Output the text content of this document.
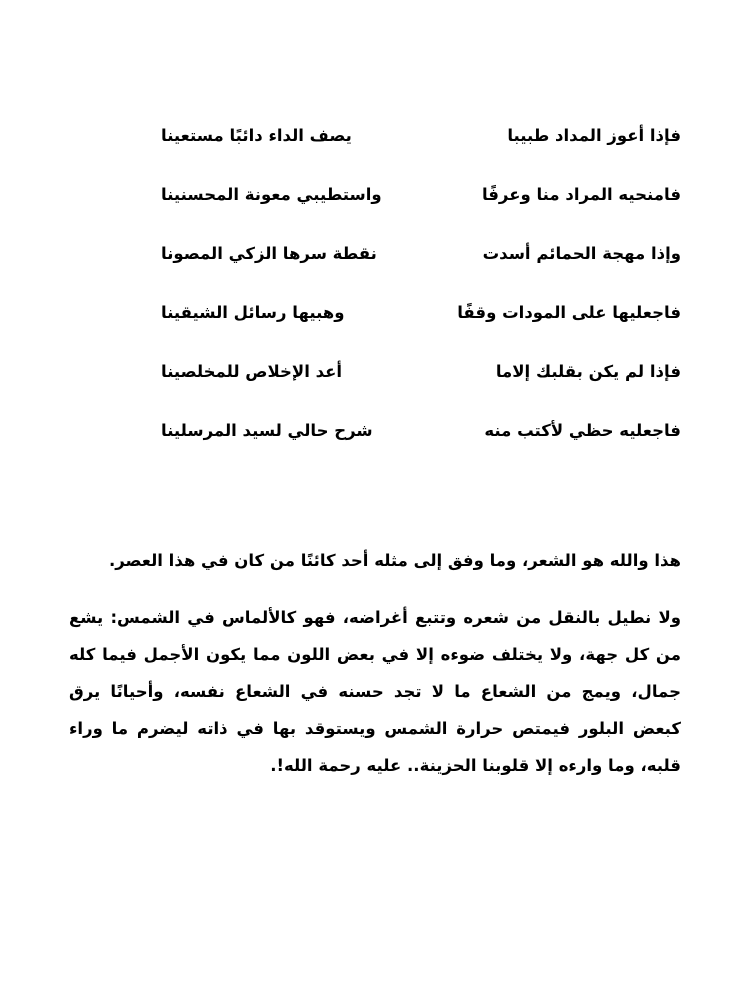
فإذا أعوز المداد طبيبا
يصف الداء دائبًا مستعينا
فامنحيه المراد منا وعرفًا
واستطيبي معونة المحسنينا
وإذا مهجة الحمائم أسدت
نقطة سرها الزكي المصونا
فاجعليها على المودات وقفًا
وهبيها رسائل الشيقينا
فإذا لم يكن بقلبك إلاما
أعد الإخلاص للمخلصينا
فاجعليه حظي لأكتب منه
شرح حالي لسيد المرسلينا

هذا والله هو الشعر، وما وفق إلى مثله أحد كائنًا من كان في هذا العصر.

ولا نطيل بالنقل من شعره وتتبع أغراضه، فهو كالألماس في الشمس: يشع من كل جهة، ولا يختلف ضوءه إلا في بعض اللون مما يكون الأجمل فيما كله جمال، ويمج من الشعاع ما لا تجد حسنه في الشعاع نفسه، وأحيانًا يرق كبعض البلور فيمتص حرارة الشمس ويستوقد بها في ذاته ليضرم ما وراء قلبه، وما وارءه إلا قلوبنا الحزينة.. عليه رحمة الله!.
